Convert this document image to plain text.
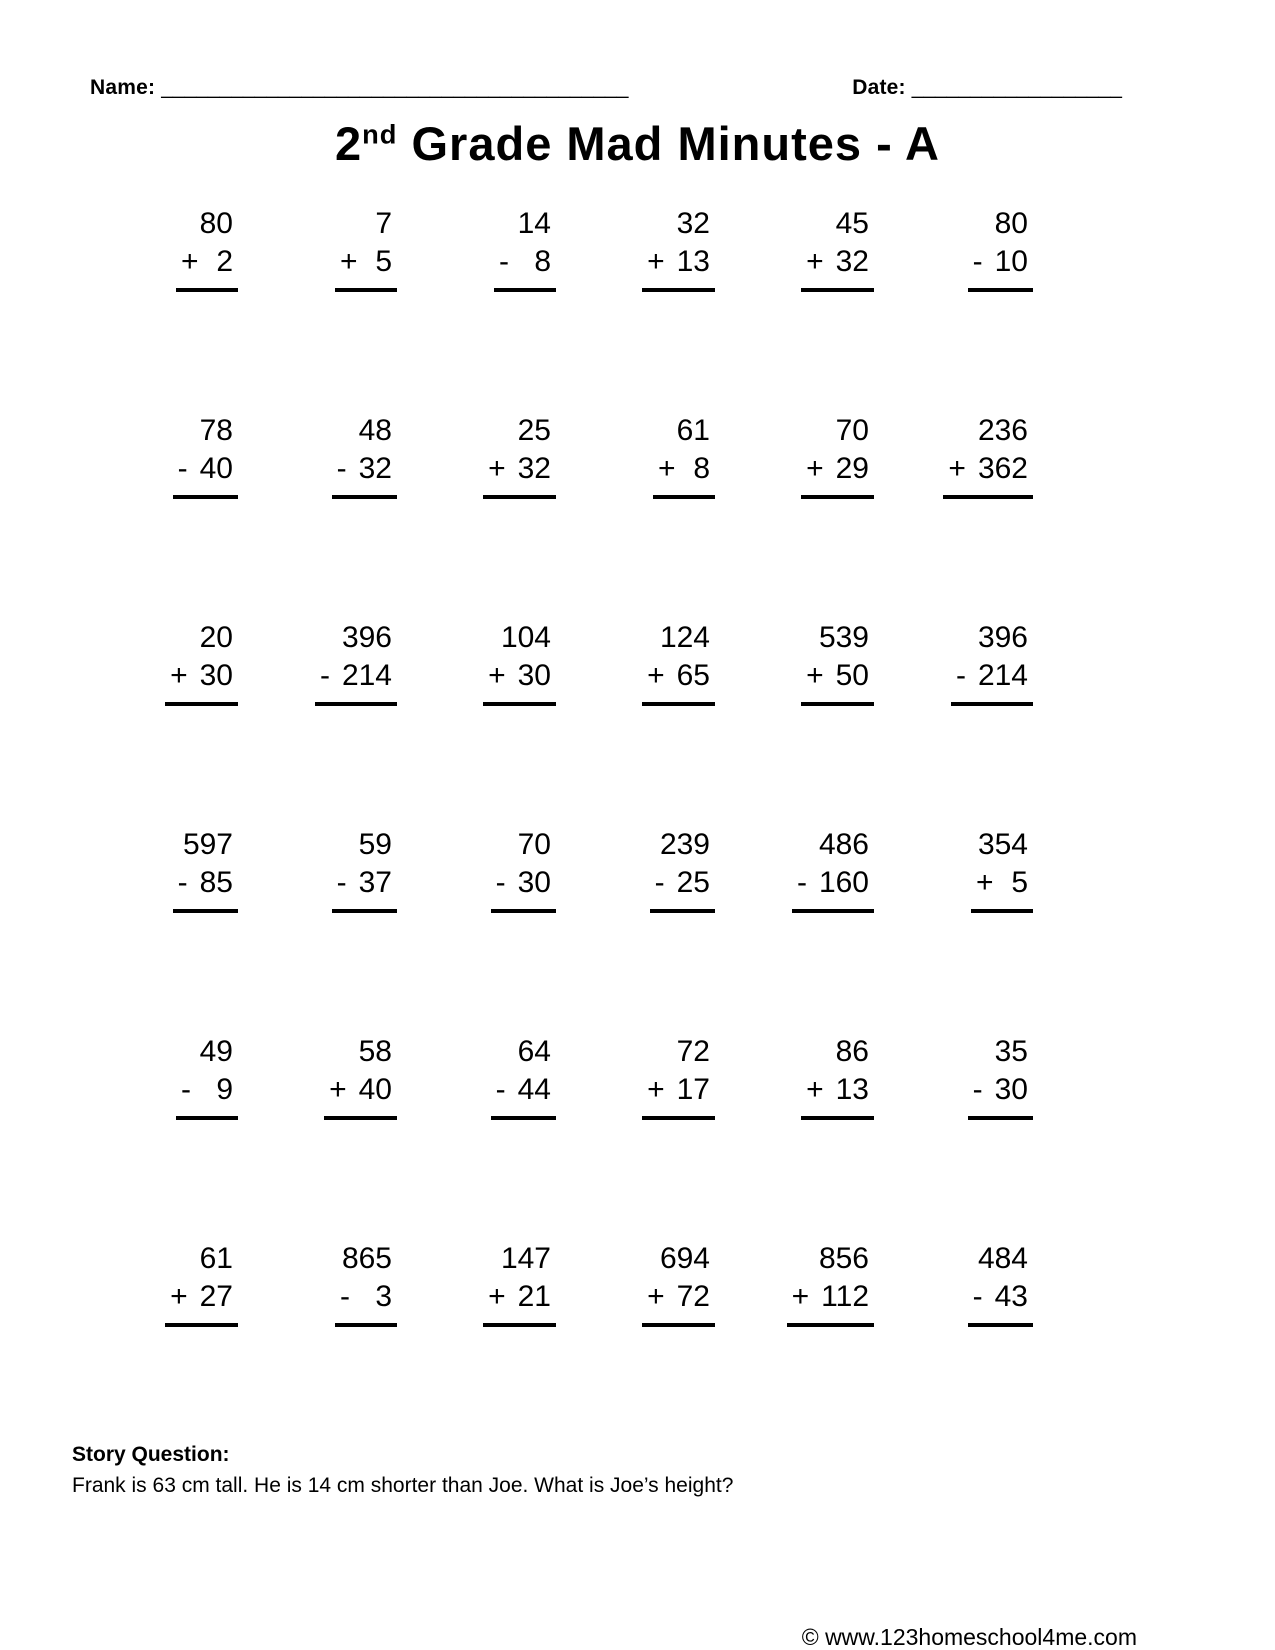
Name: ________________________________________	Date: __________________
2nd Grade Mad Minutes - A
80
+ 2
7
+ 5
14
- 8
32
+ 13
45
+ 32
80
- 10
78
- 40
48
- 32
25
+ 32
61
+ 8
70
+ 29
236
+ 362
20
+ 30
396
- 214
104
+ 30
124
+ 65
539
+ 50
396
- 214
597
- 85
59
- 37
70
- 30
239
- 25
486
- 160
354
+ 5
49
- 9
58
+ 40
64
- 44
72
+ 17
86
+ 13
35
- 30
61
+ 27
865
- 3
147
+ 21
694
+ 72
856
+ 112
484
- 43
Story Question:
Frank is 63 cm tall. He is 14 cm shorter than Joe. What is Joe’s height?
© www.123homeschool4me.com
